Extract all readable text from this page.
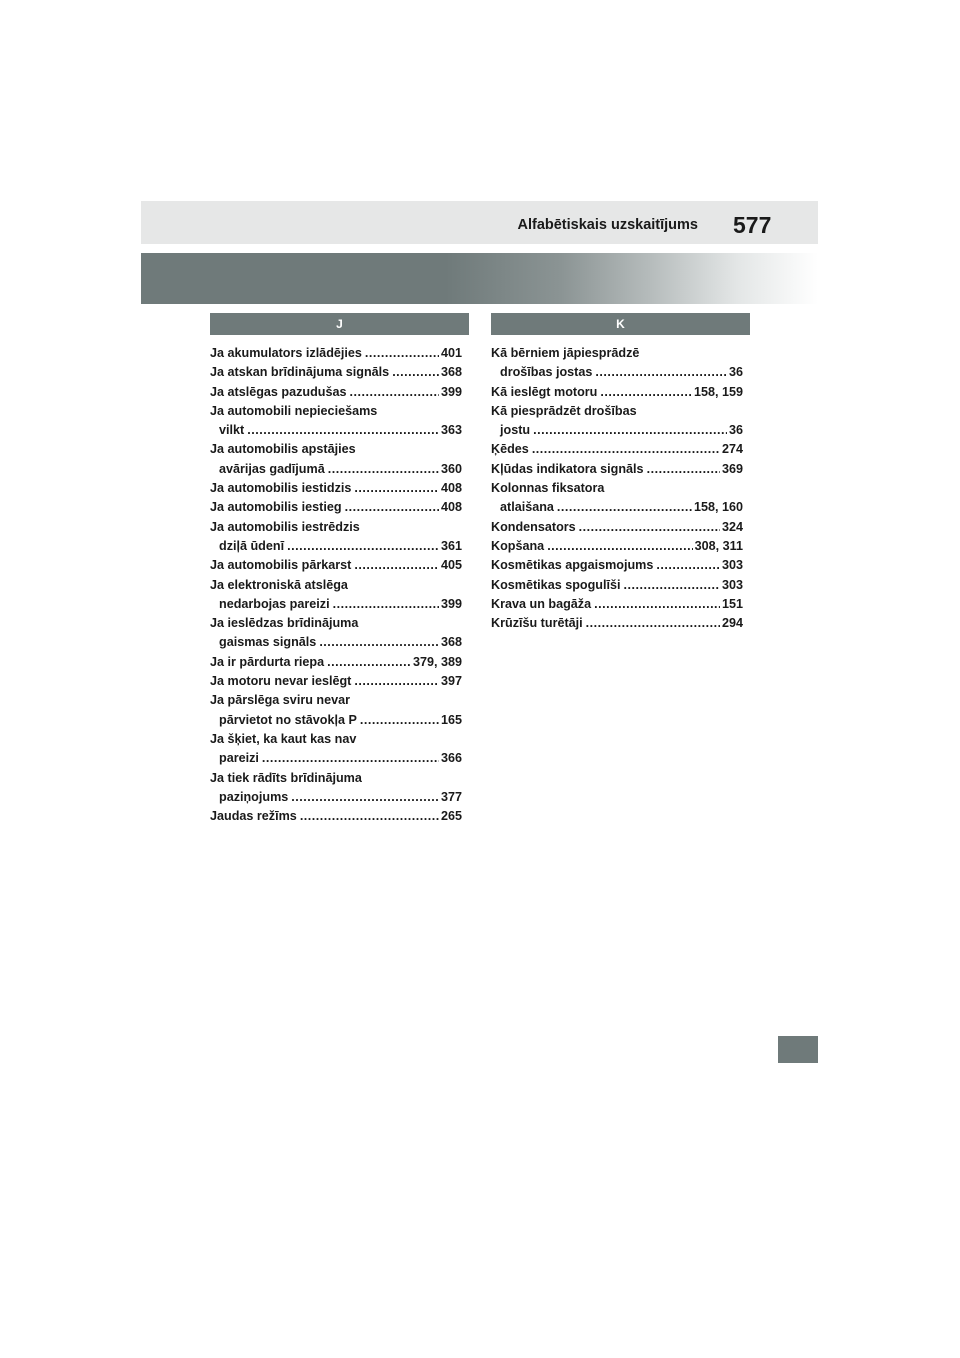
Alfabētiskais uzskaitījums 577
J
Ja akumulators izlādējies .....	401
Ja atskan brīdinājuma signāls .....	368
Ja atslēgas pazudušas .....	399
Ja automobili nepieciešams
vilkt .....	363
Ja automobilis apstājies
avārijas gadījumā .....	360
Ja automobilis iestidzis .....	408
Ja automobilis iestieg .....	408
Ja automobilis iestrēdzis
dziļā ūdenī .....	361
Ja automobilis pārkarst .....	405
Ja elektroniskā atslēga
nedarbojas pareizi .....	399
Ja ieslēdzas brīdinājuma
gaismas signāls .....	368
Ja ir pārdurta riepa .....	379, 389
Ja motoru nevar ieslēgt .....	397
Ja pārslēga sviru nevar
pārvietot no stāvokļa P .....	165
Ja šķiet, ka kaut kas nav
pareizi .....	366
Ja tiek rādīts brīdinājuma
paziņojums .....	377
Jaudas režīms .....	265
K
Kā bērniem jāpiesprādzē
drošības jostas .....	36
Kā ieslēgt motoru .....	158, 159
Kā piesprādzēt drošības
jostu .....	36
Ķēdes .....	274
Kļūdas indikatora signāls .....	369
Kolonnas fiksatora
atlaišana .....	158, 160
Kondensators .....	324
Kopšana .....	308, 311
Kosmētikas apgaismojums .....	303
Kosmētikas spogulīši .....	303
Krava un bagāža .....	151
Krūzīšu turētāji .....	294
